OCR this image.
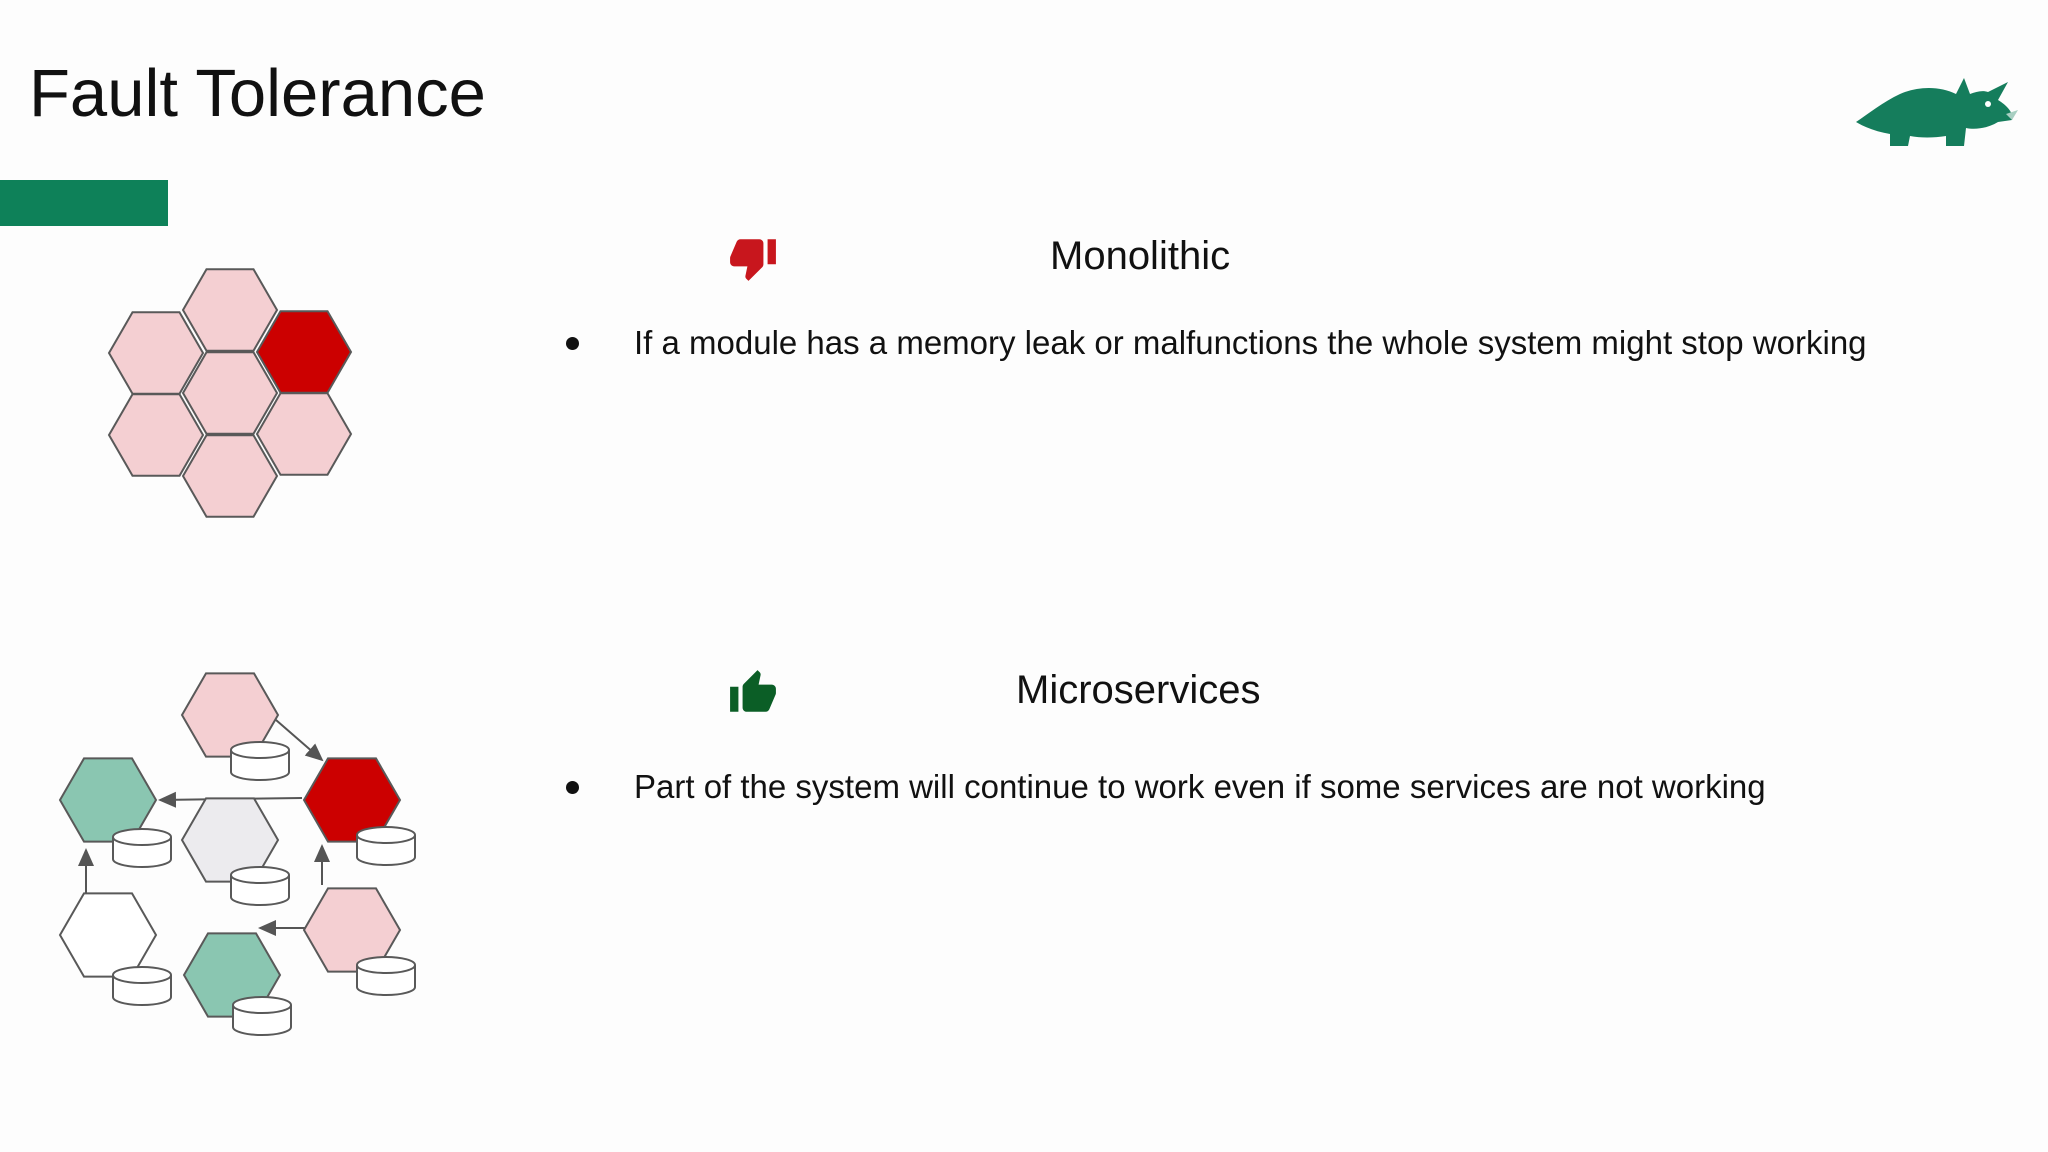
Fault Tolerance
Monolithic
If a module has a memory leak or malfunctions the whole system might stop working
Microservices
Part of the system will continue to work even if some services are not working
